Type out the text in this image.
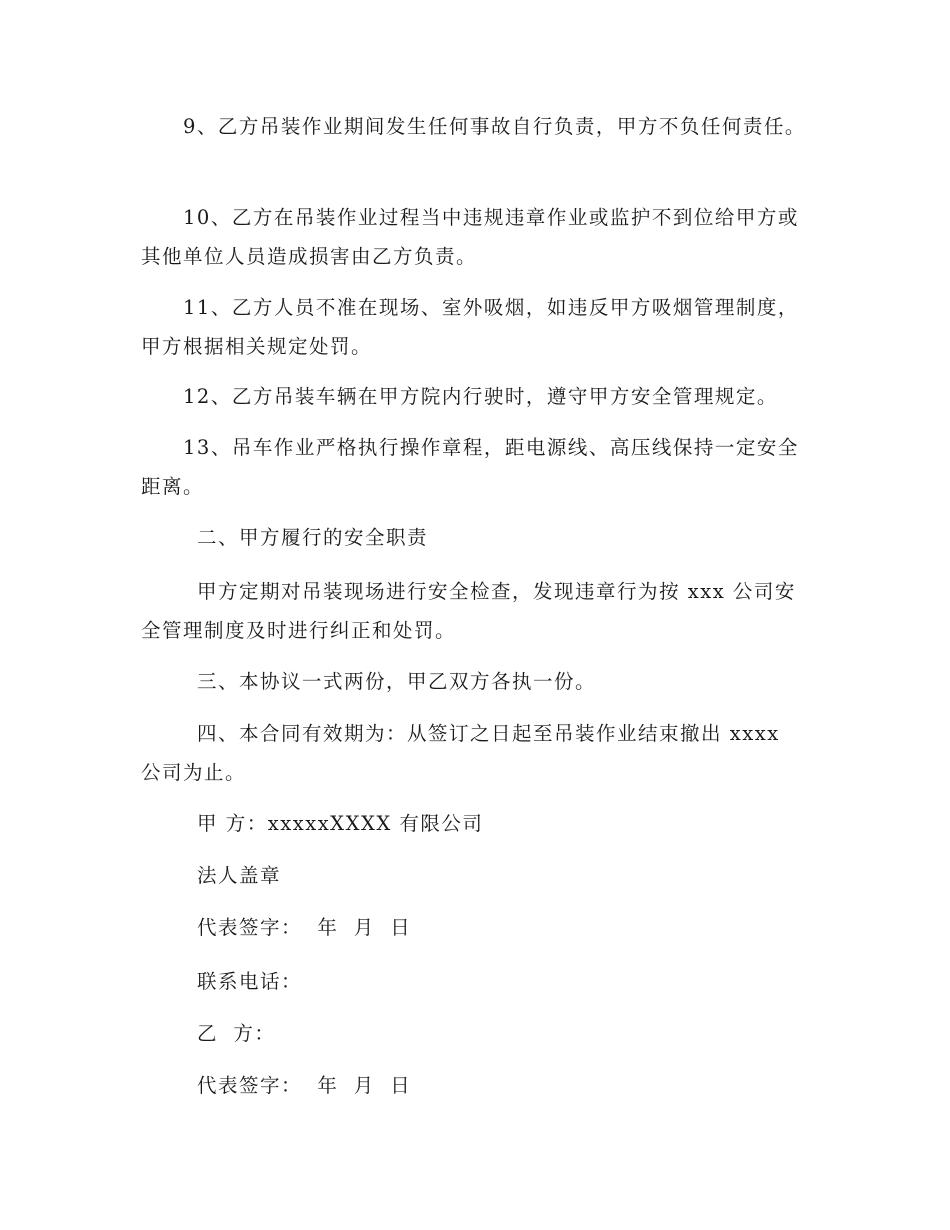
9、乙方吊装作业期间发生任何事故自行负责，甲方不负任何责任。

10、乙方在吊装作业过程当中违规违章作业或监护不到位给甲方或其他单位人员造成损害由乙方负责。

11、乙方人员不准在现场、室外吸烟，如违反甲方吸烟管理制度，甲方根据相关规定处罚。

12、乙方吊装车辆在甲方院内行驶时，遵守甲方安全管理规定。

13、吊车作业严格执行操作章程，距电源线、高压线保持一定安全距离。

二、甲方履行的安全职责

甲方定期对吊装现场进行安全检查，发现违章行为按 xxx 公司安全管理制度及时进行纠正和处罚。

三、本协议一式两份，甲乙双方各执一份。

四、本合同有效期为：从签订之日起至吊装作业结束撤出 xxxx 公司为止。

甲 方：xxxxxXXXX 有限公司

法人盖章

代表签字：  年  月  日

联系电话：

乙  方：

代表签字：  年  月  日
